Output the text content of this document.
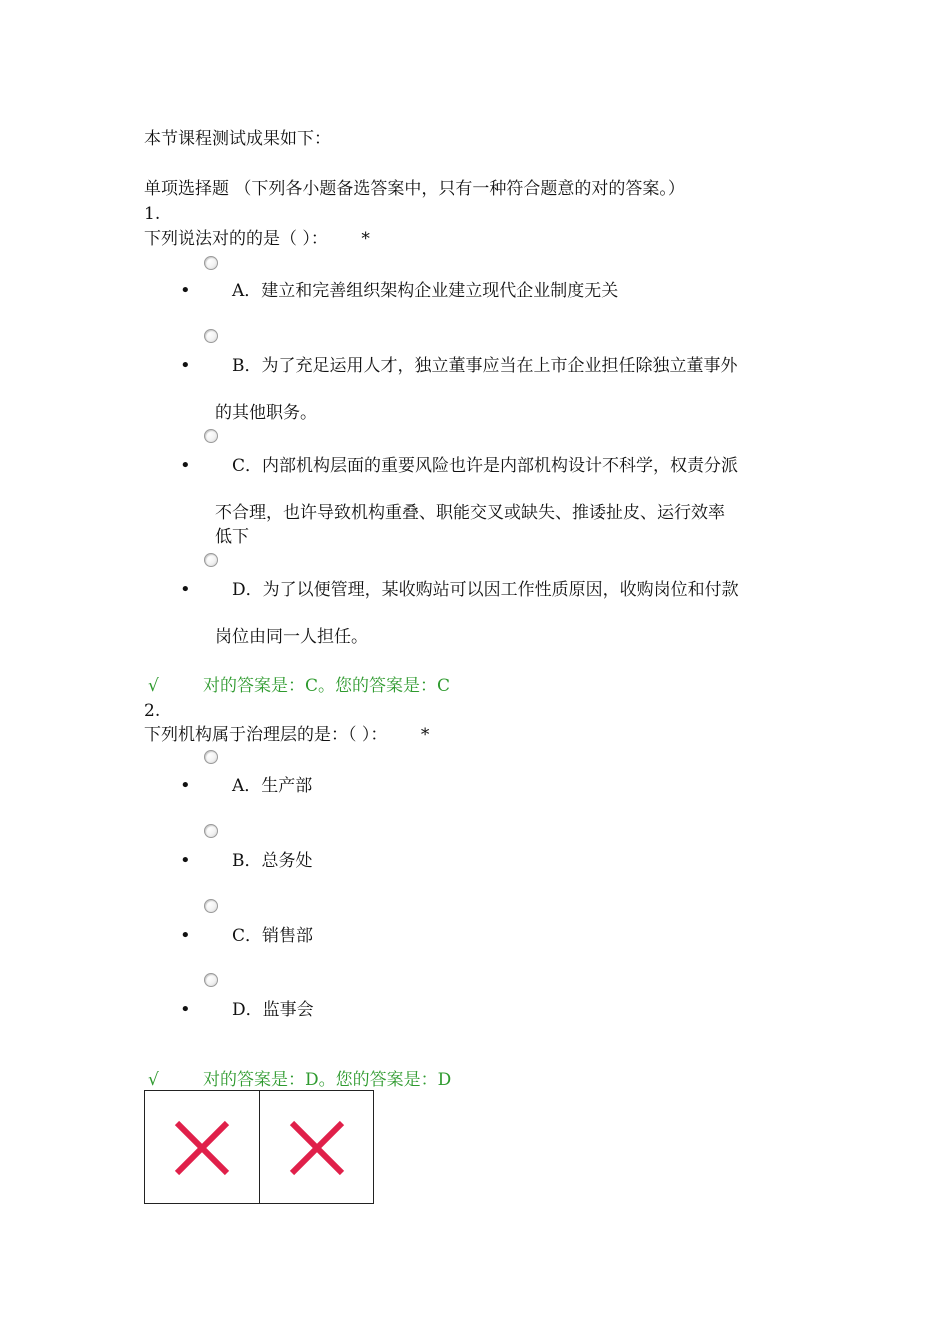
本节课程测试成果如下：
单项选择题 （下列各小题备选答案中，只有一种符合题意的对的答案。）
1.
下列说法对的的是（ ）： *
• A．建立和完善组织架构企业建立现代企业制度无关
• B．为了充足运用人才，独立董事应当在上市企业担任除独立董事外
的其他职务。
• C．内部机构层面的重要风险也许是内部机构设计不科学，权责分派
不合理，也许导致机构重叠、职能交叉或缺失、推诿扯皮、运行效率
低下
• D．为了以便管理，某收购站可以因工作性质原因，收购岗位和付款
岗位由同一人担任。
√	对的答案是：C。您的答案是：C
2.
下列机构属于治理层的是：（ ）： *
• A．生产部
• B．总务处
• C．销售部
• D．监事会
√	对的答案是：D。您的答案是：D
